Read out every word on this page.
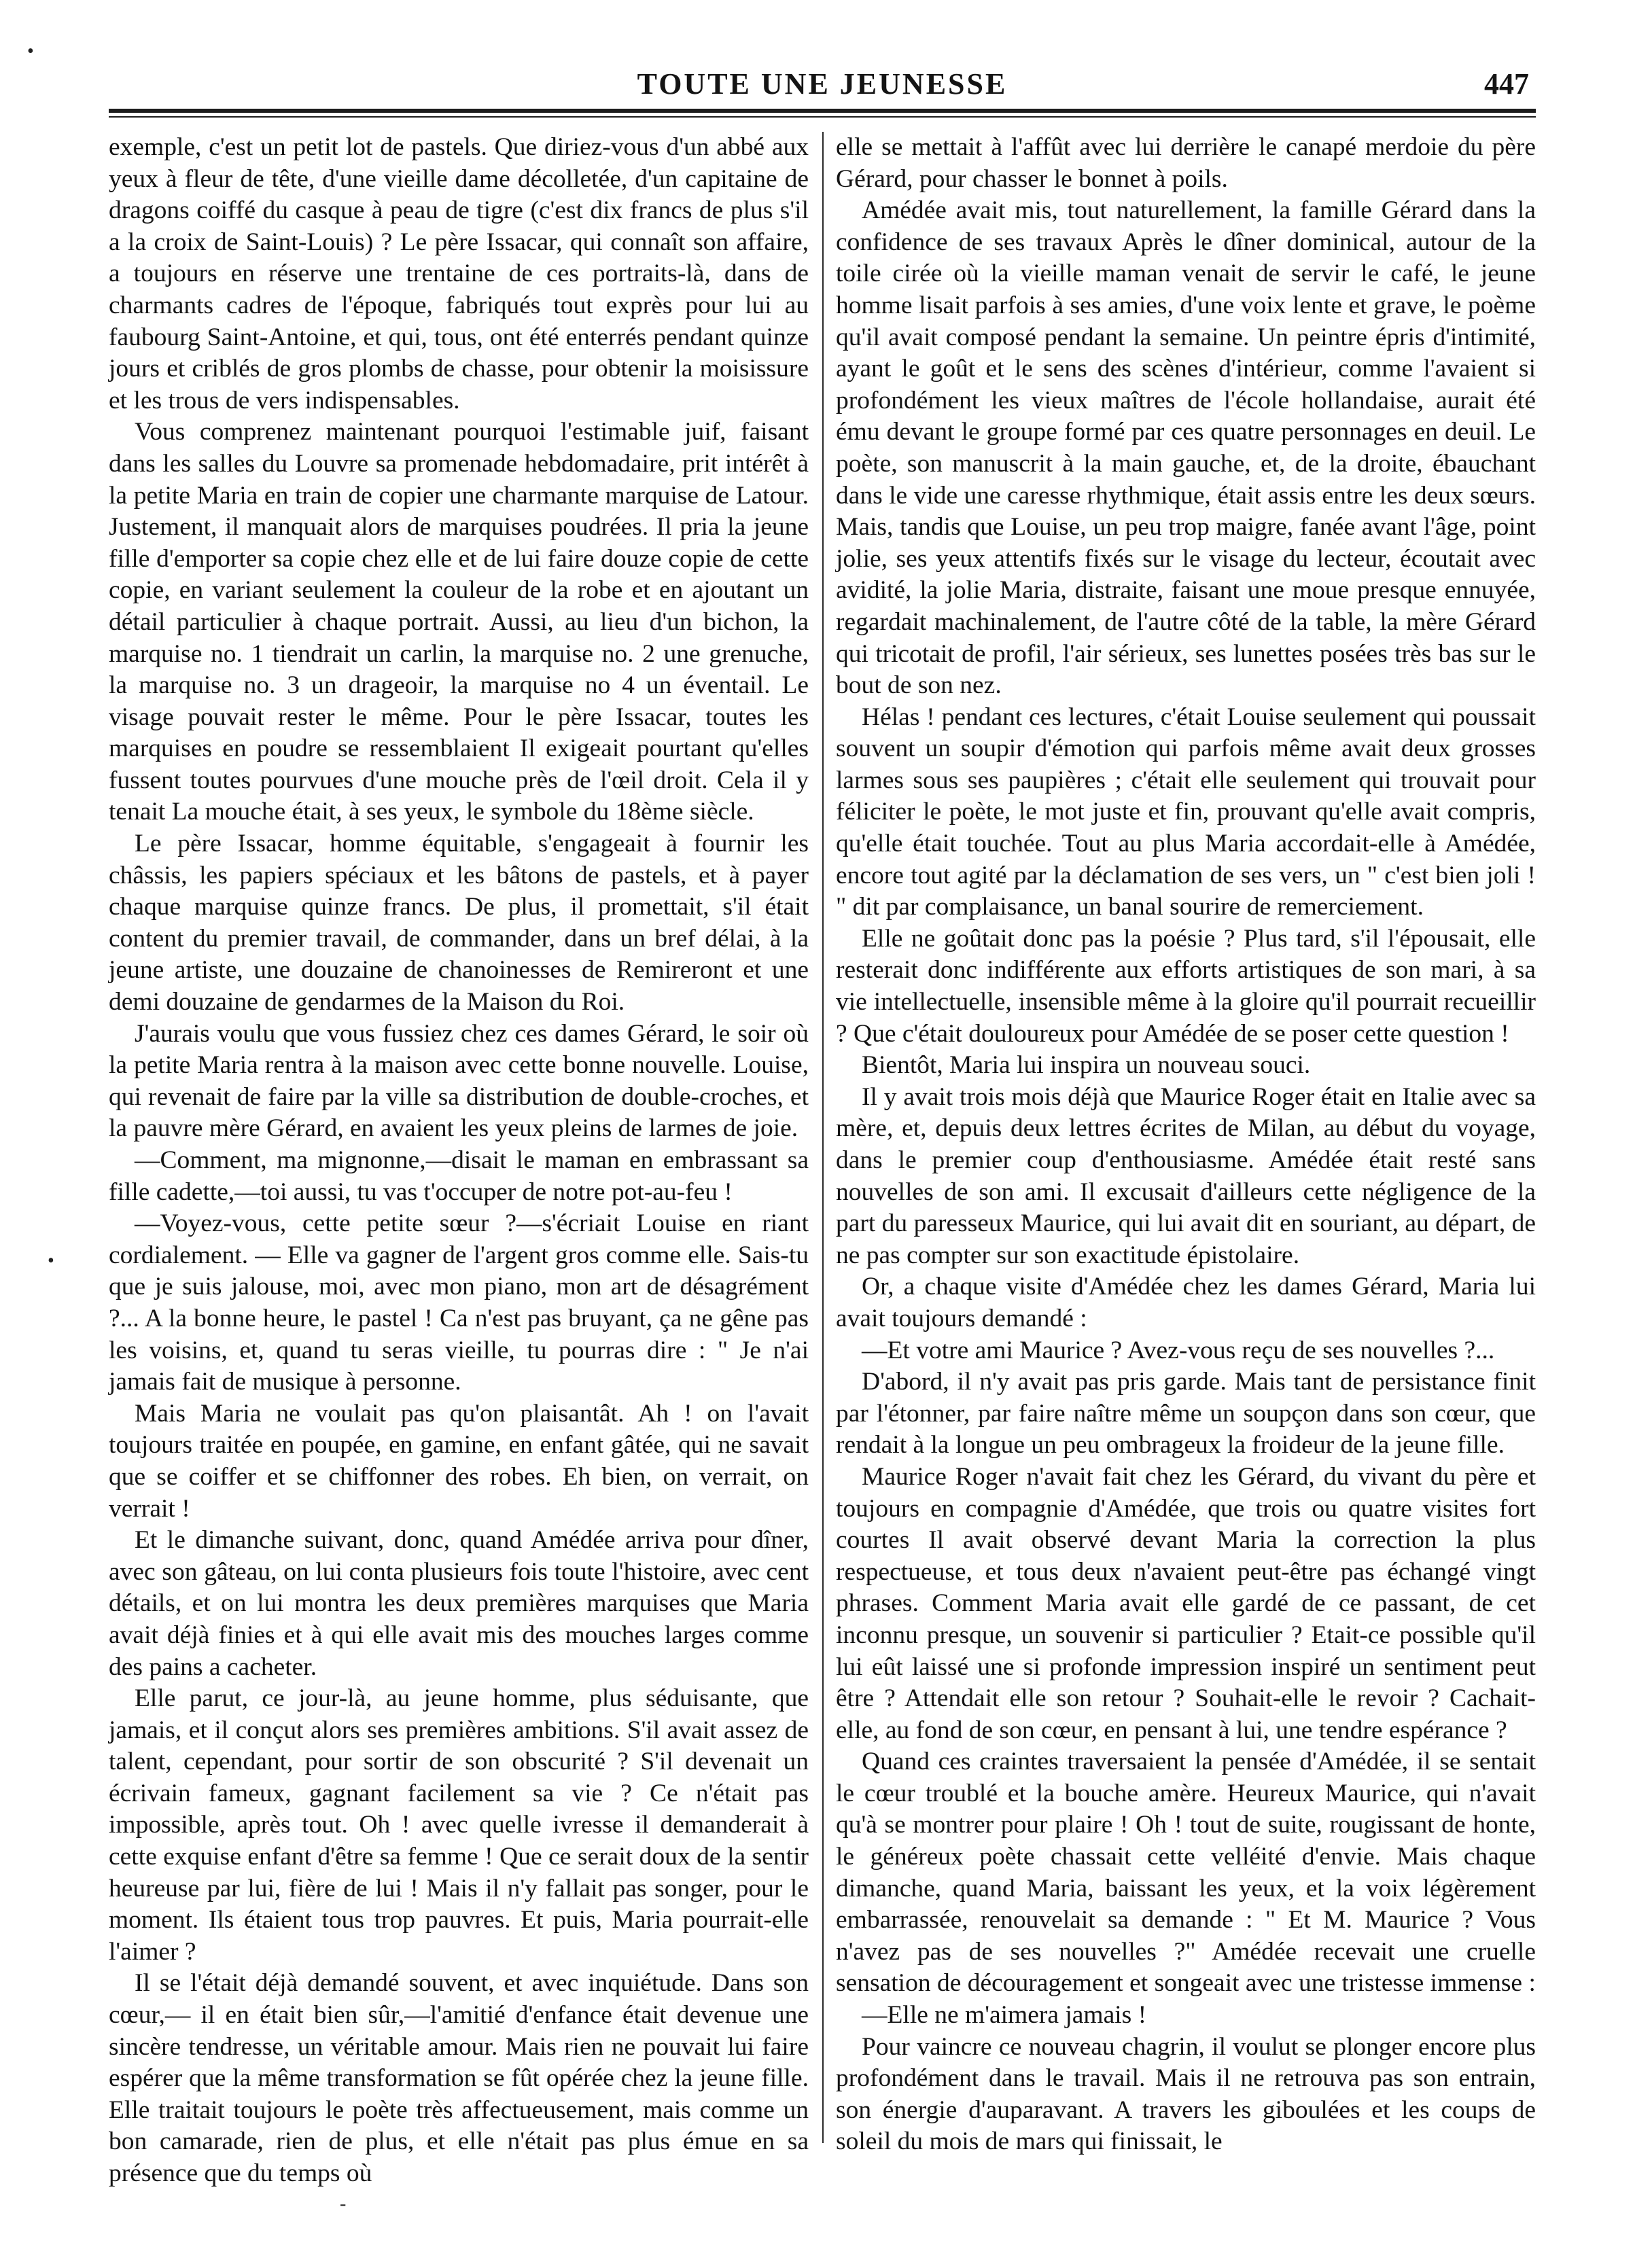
TOUTE UNE JEUNESSE	447

exemple, c'est un petit lot de pastels. Que diriez-vous d'un abbé aux yeux à fleur de tête, d'une vieille dame décolletée, d'un capitaine de dragons coiffé du casque à peau de tigre (c'est dix francs de plus s'il a la croix de Saint-Louis) ? Le père Issacar, qui connaît son affaire, a toujours en réserve une trentaine de ces portraits-là, dans de charmants cadres de l'époque, fabriqués tout exprès pour lui au faubourg Saint-Antoine, et qui, tous, ont été enterrés pendant quinze jours et criblés de gros plombs de chasse, pour obtenir la moisissure et les trous de vers indispensables.

Vous comprenez maintenant pourquoi l'estimable juif, faisant dans les salles du Louvre sa promenade hebdomadaire, prit intérêt à la petite Maria en train de copier une charmante marquise de Latour. Justement, il manquait alors de marquises poudrées. Il pria la jeune fille d'emporter sa copie chez elle et de lui faire douze copie de cette copie, en variant seulement la couleur de la robe et en ajoutant un détail particulier à chaque portrait. Aussi, au lieu d'un bichon, la marquise no. 1 tiendrait un carlin, la marquise no. 2 une grenuche, la marquise no. 3 un drageoir, la marquise no 4 un éventail. Le visage pouvait rester le même. Pour le père Issacar, toutes les marquises en poudre se ressemblaient Il exigeait pourtant qu'elles fussent toutes pourvues d'une mouche près de l'œil droit. Cela il y tenait La mouche était, à ses yeux, le symbole du 18ème siècle.

Le père Issacar, homme équitable, s'engageait à fournir les châssis, les papiers spéciaux et les bâtons de pastels, et à payer chaque marquise quinze francs. De plus, il promettait, s'il était content du premier travail, de commander, dans un bref délai, à la jeune artiste, une douzaine de chanoinesses de Remireront et une demi douzaine de gendarmes de la Maison du Roi.

J'aurais voulu que vous fussiez chez ces dames Gérard, le soir où la petite Maria rentra à la maison avec cette bonne nouvelle. Louise, qui revenait de faire par la ville sa distribution de double-croches, et la pauvre mère Gérard, en avaient les yeux pleins de larmes de joie.

—Comment, ma mignonne,—disait le maman en embrassant sa fille cadette,—toi aussi, tu vas t'occuper de notre pot-au-feu !

—Voyez-vous, cette petite sœur ?—s'écriait Louise en riant cordialement. — Elle va gagner de l'argent gros comme elle. Sais-tu que je suis jalouse, moi, avec mon piano, mon art de désagrément ?... A la bonne heure, le pastel ! Ca n'est pas bruyant, ça ne gêne pas les voisins, et, quand tu seras vieille, tu pourras dire : " Je n'ai jamais fait de musique à personne.

Mais Maria ne voulait pas qu'on plaisantât. Ah ! on l'avait toujours traitée en poupée, en gamine, en enfant gâtée, qui ne savait que se coiffer et se chiffonner des robes. Eh bien, on verrait, on verrait !

Et le dimanche suivant, donc, quand Amédée arriva pour dîner, avec son gâteau, on lui conta plusieurs fois toute l'histoire, avec cent détails, et on lui montra les deux premières marquises que Maria avait déjà finies et à qui elle avait mis des mouches larges comme des pains a cacheter.

Elle parut, ce jour-là, au jeune homme, plus séduisante, que jamais, et il conçut alors ses premières ambitions. S'il avait assez de talent, cependant, pour sortir de son obscurité ? S'il devenait un écrivain fameux, gagnant facilement sa vie ? Ce n'était pas impossible, après tout. Oh ! avec quelle ivresse il demanderait à cette exquise enfant d'être sa femme ! Que ce serait doux de la sentir heureuse par lui, fière de lui ! Mais il n'y fallait pas songer, pour le moment. Ils étaient tous trop pauvres. Et puis, Maria pourrait-elle l'aimer ?

Il se l'était déjà demandé souvent, et avec inquiétude. Dans son cœur,— il en était bien sûr,—l'amitié d'enfance était devenue une sincère tendresse, un véritable amour. Mais rien ne pouvait lui faire espérer que la même transformation se fût opérée chez la jeune fille. Elle traitait toujours le poète très affectueusement, mais comme un bon camarade, rien de plus, et elle n'était pas plus émue en sa présence que du temps où

elle se mettait à l'affût avec lui derrière le canapé merdoie du père Gérard, pour chasser le bonnet à poils.

Amédée avait mis, tout naturellement, la famille Gérard dans la confidence de ses travaux Après le dîner dominical, autour de la toile cirée où la vieille maman venait de servir le café, le jeune homme lisait parfois à ses amies, d'une voix lente et grave, le poème qu'il avait composé pendant la semaine. Un peintre épris d'intimité, ayant le goût et le sens des scènes d'intérieur, comme l'avaient si profondément les vieux maîtres de l'école hollandaise, aurait été ému devant le groupe formé par ces quatre personnages en deuil. Le poète, son manuscrit à la main gauche, et, de la droite, ébauchant dans le vide une caresse rhythmique, était assis entre les deux sœurs. Mais, tandis que Louise, un peu trop maigre, fanée avant l'âge, point jolie, ses yeux attentifs fixés sur le visage du lecteur, écoutait avec avidité, la jolie Maria, distraite, faisant une moue presque ennuyée, regardait machinalement, de l'autre côté de la table, la mère Gérard qui tricotait de profil, l'air sérieux, ses lunettes posées très bas sur le bout de son nez.

Hélas ! pendant ces lectures, c'était Louise seulement qui poussait souvent un soupir d'émotion qui parfois même avait deux grosses larmes sous ses paupières ; c'était elle seulement qui trouvait pour féliciter le poète, le mot juste et fin, prouvant qu'elle avait compris, qu'elle était touchée. Tout au plus Maria accordait-elle à Amédée, encore tout agité par la déclamation de ses vers, un " c'est bien joli ! " dit par complaisance, un banal sourire de remerciement.

Elle ne goûtait donc pas la poésie ? Plus tard, s'il l'épousait, elle resterait donc indifférente aux efforts artistiques de son mari, à sa vie intellectuelle, insensible même à la gloire qu'il pourrait recueillir ? Que c'était douloureux pour Amédée de se poser cette question !

Bientôt, Maria lui inspira un nouveau souci.

Il y avait trois mois déjà que Maurice Roger était en Italie avec sa mère, et, depuis deux lettres écrites de Milan, au début du voyage, dans le premier coup d'enthousiasme. Amédée était resté sans nouvelles de son ami. Il excusait d'ailleurs cette négligence de la part du paresseux Maurice, qui lui avait dit en souriant, au départ, de ne pas compter sur son exactitude épistolaire.

Or, a chaque visite d'Amédée chez les dames Gérard, Maria lui avait toujours demandé :

—Et votre ami Maurice ? Avez-vous reçu de ses nouvelles ?...

D'abord, il n'y avait pas pris garde. Mais tant de persistance finit par l'étonner, par faire naître même un soupçon dans son cœur, que rendait à la longue un peu ombrageux la froideur de la jeune fille.

Maurice Roger n'avait fait chez les Gérard, du vivant du père et toujours en compagnie d'Amédée, que trois ou quatre visites fort courtes Il avait observé devant Maria la correction la plus respectueuse, et tous deux n'avaient peut-être pas échangé vingt phrases. Comment Maria avait elle gardé de ce passant, de cet inconnu presque, un souvenir si particulier ? Etait-ce possible qu'il lui eût laissé une si profonde impression inspiré un sentiment peut être ? Attendait elle son retour ? Souhait-elle le revoir ? Cachait-elle, au fond de son cœur, en pensant à lui, une tendre espérance ?

Quand ces craintes traversaient la pensée d'Amédée, il se sentait le cœur troublé et la bouche amère. Heureux Maurice, qui n'avait qu'à se montrer pour plaire ! Oh ! tout de suite, rougissant de honte, le généreux poète chassait cette velléité d'envie. Mais chaque dimanche, quand Maria, baissant les yeux, et la voix légèrement embarrassée, renouvelait sa demande : " Et M. Maurice ? Vous n'avez pas de ses nouvelles ?" Amédée recevait une cruelle sensation de découragement et songeait avec une tristesse immense :

—Elle ne m'aimera jamais !

Pour vaincre ce nouveau chagrin, il voulut se plonger encore plus profondément dans le travail. Mais il ne retrouva pas son entrain, son énergie d'auparavant. A travers les giboulées et les coups de soleil du mois de mars qui finissait, le

•
•
-
